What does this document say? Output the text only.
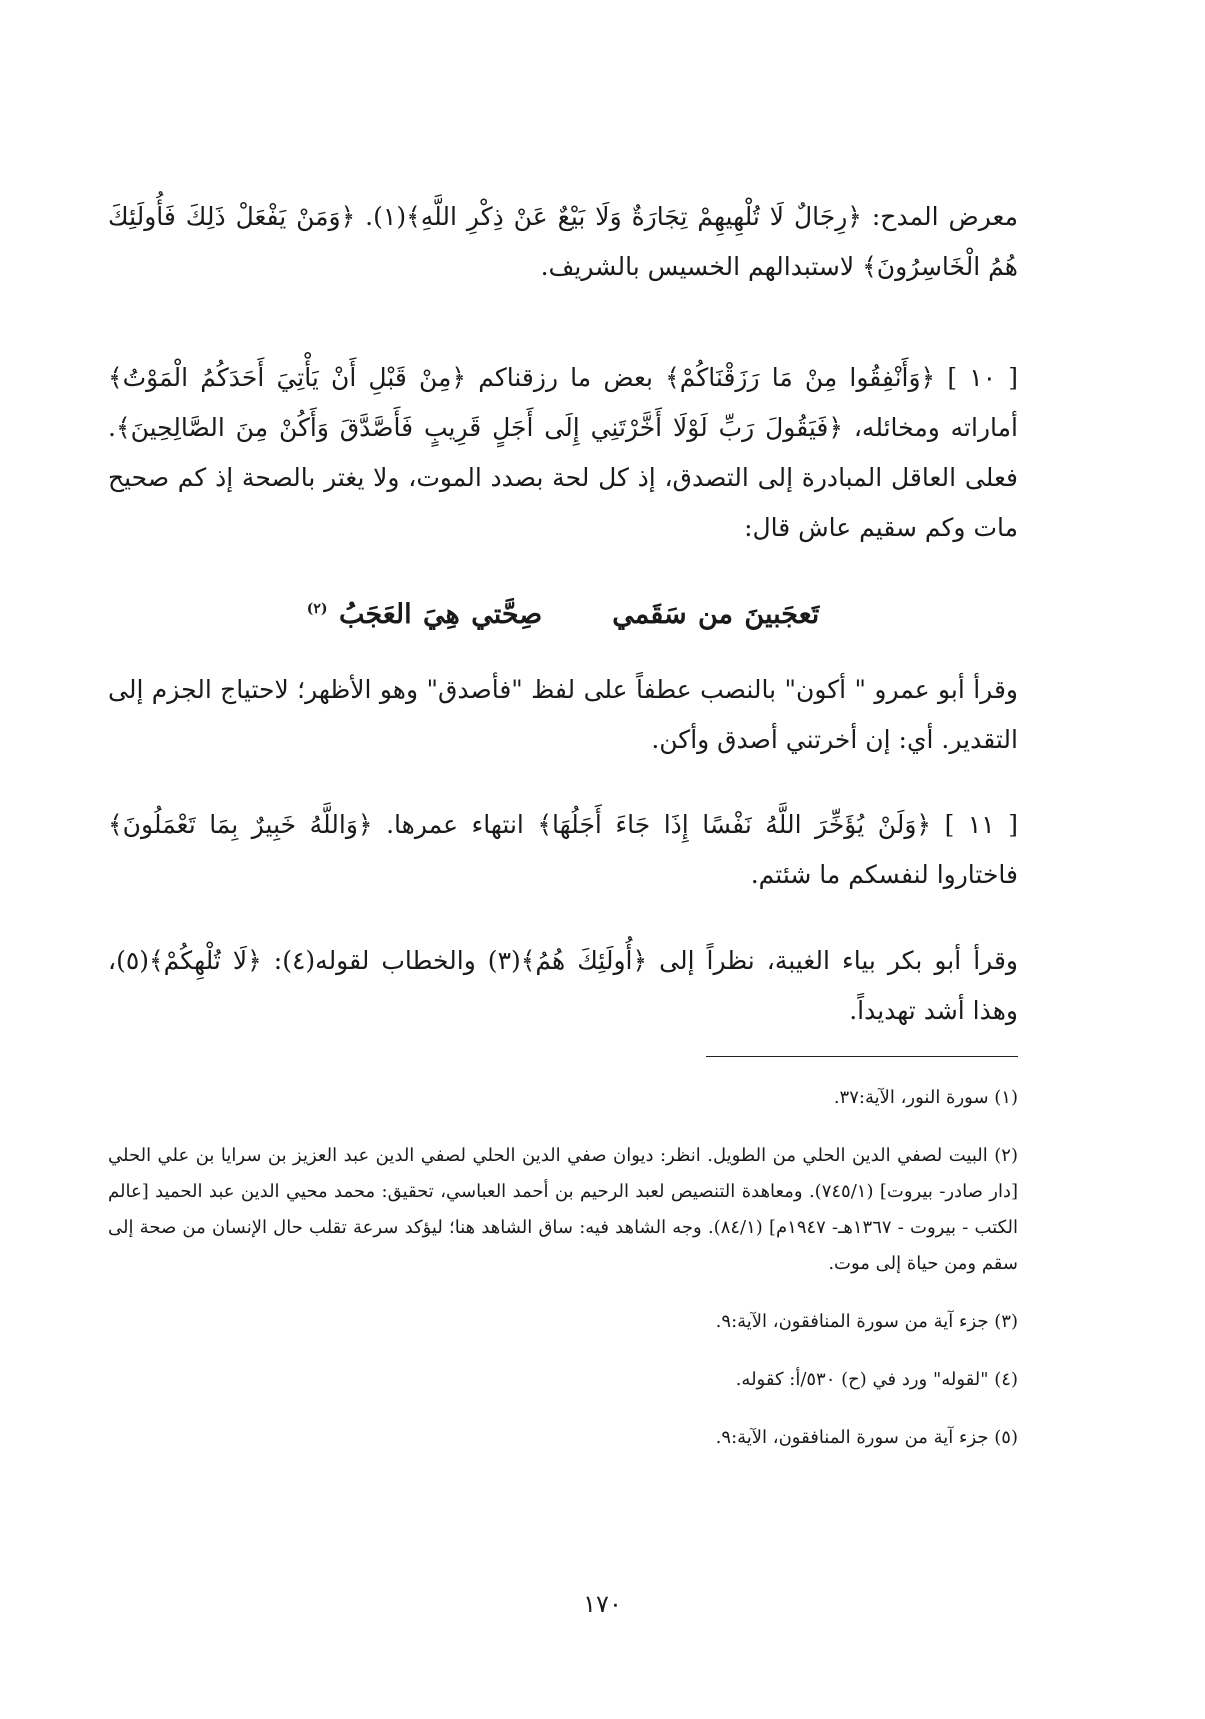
معرض المدح: ﴿رِجَالٌ لَا تُلْهِيهِمْ تِجَارَةٌ وَلَا بَيْعٌ عَنْ ذِكْرِ اللَّهِ﴾(١). ﴿وَمَنْ يَفْعَلْ ذَلِكَ فَأُولَئِكَ هُمُ الْخَاسِرُونَ﴾ لاستبدالهم الخسيس بالشريف.

[ ١٠ ] ﴿وَأَنْفِقُوا مِنْ مَا رَزَقْنَاكُمْ﴾ بعض ما رزقناكم ﴿مِنْ قَبْلِ أَنْ يَأْتِيَ أَحَدَكُمُ الْمَوْتُ﴾ أماراته ومخائله، ﴿فَيَقُولَ رَبِّ لَوْلَا أَخَّرْتَنِي إِلَى أَجَلٍ قَرِيبٍ فَأَصَّدَّقَ وَأَكُنْ مِنَ الصَّالِحِينَ﴾. فعلى العاقل المبادرة إلى التصدق، إذ كل لحة بصدد الموت، ولا يغتر بالصحة إذ كم صحيح مات وكم سقيم عاش قال:

تَعجَبينَ من سَقَميصِحَّتي هِيَ العَجَبُ $^{(٢)}$

وقرأ أبو عمرو " أكون" بالنصب عطفاً على لفظ "فأصدق" وهو الأظهر؛ لاحتياج الجزم إلى التقدير. أي: إن أخرتني أصدق وأكن.

[ ١١ ] ﴿وَلَنْ يُؤَخِّرَ اللَّهُ نَفْسًا إِذَا جَاءَ أَجَلُهَا﴾ انتهاء عمرها. ﴿وَاللَّهُ خَبِيرٌ بِمَا تَعْمَلُونَ﴾ فاختاروا لنفسكم ما شئتم.

وقرأ أبو بكر بياء الغيبة، نظراً إلى ﴿أُولَئِكَ هُمُ﴾(٣) والخطاب لقوله(٤): ﴿لَا تُلْهِكُمْ﴾(٥)، وهذا أشد تهديداً.

(١) سورة النور، الآية:٣٧.

(٢) البيت لصفي الدين الحلي من الطويل. انظر: ديوان صفي الدين الحلي لصفي الدين عبد العزيز بن سرايا بن علي الحلي [دار صادر- بيروت] (٧٤٥/١). ومعاهدة التنصيص لعبد الرحيم بن أحمد العباسي، تحقيق: محمد محيي الدين عبد الحميد [عالم الكتب - بيروت - ١٣٦٧هـ- ١٩٤٧م] (٨٤/١). وجه الشاهد فيه: ساق الشاهد هنا؛ ليؤكد سرعة تقلب حال الإنسان من صحة إلى سقم ومن حياة إلى موت.

(٣) جزء آية من سورة المنافقون، الآية:٩.

(٤) "لقوله" ورد في (ح) ٥٣٠/أ: كقوله.

(٥) جزء آية من سورة المنافقون، الآية:٩.

١٧٠
